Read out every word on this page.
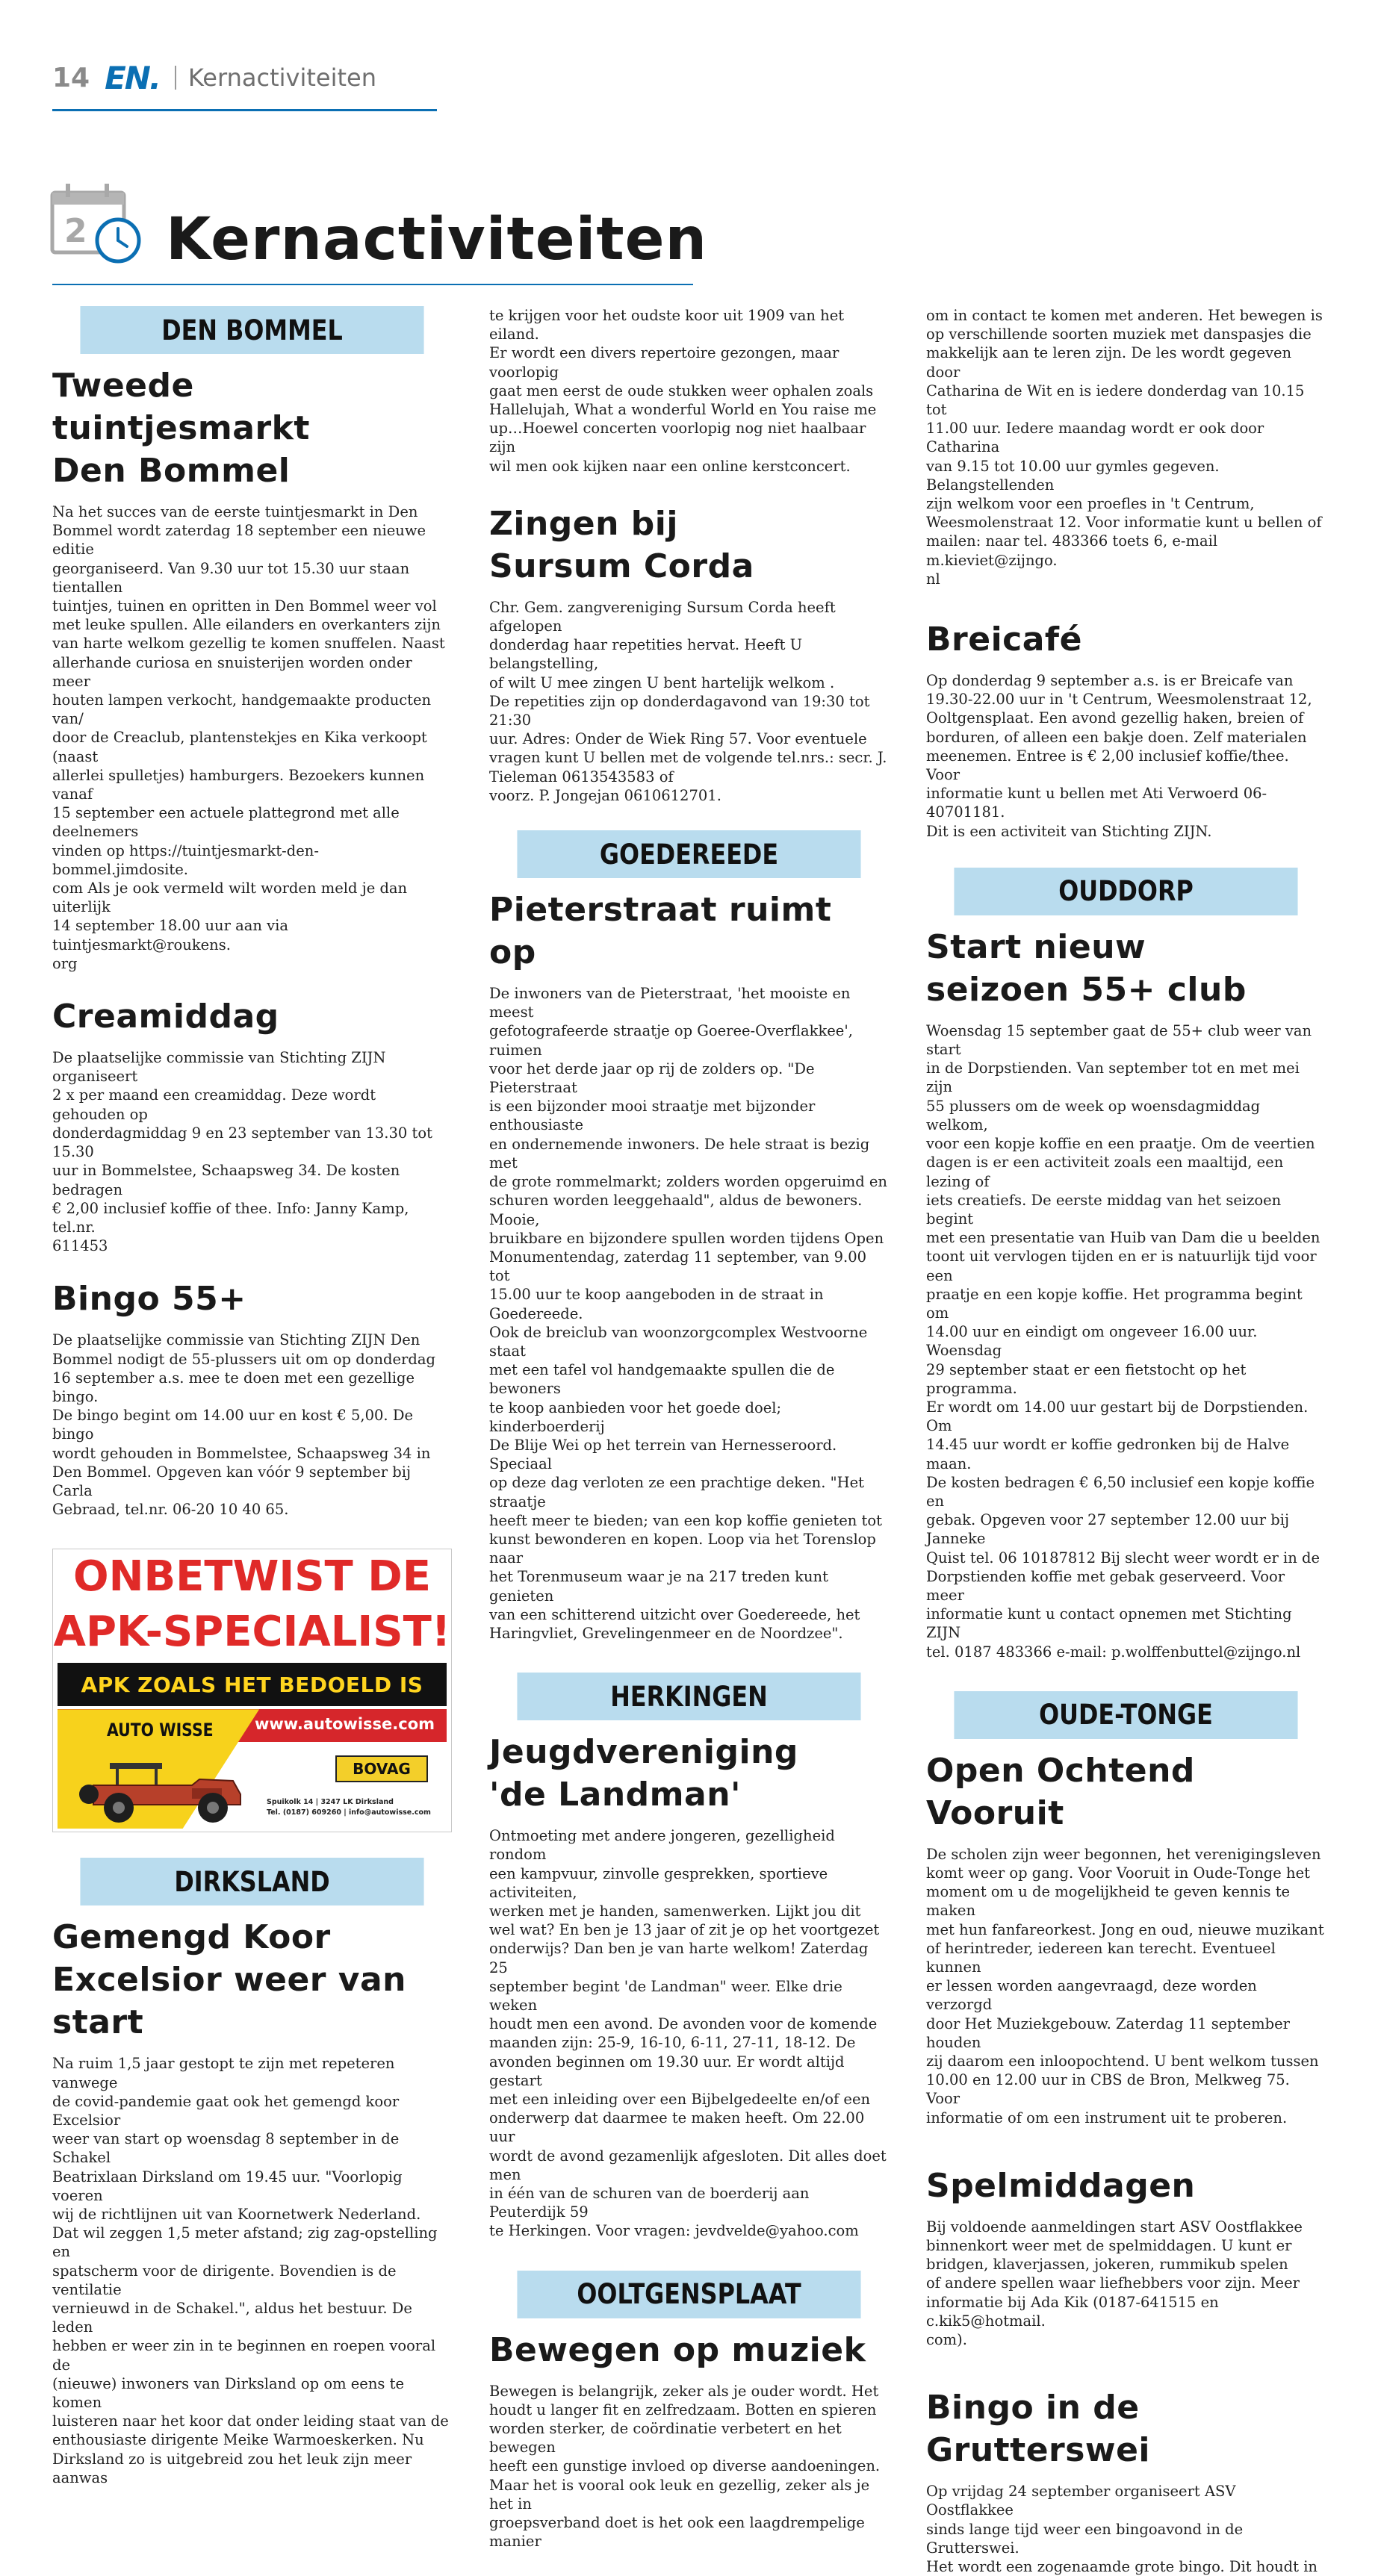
14 EN. Kernactiviteiten
2 Kernactiviteiten
DEN BOMMEL
Tweede tuintjesmarkt
Den Bommel

Na het succes van de eerste tuintjesmarkt in Den
Bommel wordt zaterdag 18 september een nieuwe editie
georganiseerd. Van 9.30 uur tot 15.30 uur staan tientallen
tuintjes, tuinen en opritten in Den Bommel weer vol
met leuke spullen. Alle eilanders en overkanters zijn
van harte welkom gezellig te komen snuffelen. Naast
allerhande curiosa en snuisterijen worden onder meer
houten lampen verkocht, handgemaakte producten van/
door de Creaclub, plantenstekjes en Kika verkoopt (naast
allerlei spulletjes) hamburgers. Bezoekers kunnen vanaf
15 september een actuele plattegrond met alle deelnemers
vinden op https://tuintjesmarkt-den-bommel.jimdosite.
com Als je ook vermeld wilt worden meld je dan uiterlijk
14 september 18.00 uur aan via tuintjesmarkt@roukens.
org

Creamiddag

De plaatselijke commissie van Stichting ZIJN organiseert
2 x per maand een creamiddag. Deze wordt gehouden op
donderdagmiddag 9 en 23 september van 13.30 tot 15.30
uur in Bommelstee, Schaapsweg 34. De kosten bedragen
€ 2,00 inclusief koffie of thee. Info: Janny Kamp, tel.nr.
611453

Bingo 55+

De plaatselijke commissie van Stichting ZIJN Den
Bommel nodigt de 55-plussers uit om op donderdag
16 september a.s. mee te doen met een gezellige bingo.
De bingo begint om 14.00 uur en kost € 5,00. De bingo
wordt gehouden in Bommelstee, Schaapsweg 34 in
Den Bommel. Opgeven kan vóór 9 september bij Carla
Gebraad, tel.nr. 06-20 10 40 65.

ONBETWIST DE
APK-SPECIALIST!
APK ZOALS HET BEDOELD IS
www.autowisse.com
AUTO WISSE
BOVAG
Spuikolk 14 | 3247 LK Dirksland
Tel. (0187) 609260 | info@autowisse.com
DIRKSLAND
Gemengd Koor
Excelsior weer van start

Na ruim 1,5 jaar gestopt te zijn met repeteren vanwege
de covid-pandemie gaat ook het gemengd koor Excelsior
weer van start op woensdag 8 september in de Schakel
Beatrixlaan Dirksland om 19.45 uur. "Voorlopig voeren
wij de richtlijnen uit van Koornetwerk Nederland.
Dat wil zeggen 1,5 meter afstand; zig zag-opstelling en
spatscherm voor de dirigente. Bovendien is de ventilatie
vernieuwd in de Schakel.", aldus het bestuur. De leden
hebben er weer zin in te beginnen en roepen vooral de
(nieuwe) inwoners van Dirksland op om eens te komen
luisteren naar het koor dat onder leiding staat van de
enthousiaste dirigente Meike Warmoeskerken. Nu
Dirksland zo is uitgebreid zou het leuk zijn meer aanwas

te krijgen voor het oudste koor uit 1909 van het eiland.
Er wordt een divers repertoire gezongen, maar voorlopig
gaat men eerst de oude stukken weer ophalen zoals
Hallelujah, What a wonderful World en You raise me
up…Hoewel concerten voorlopig nog niet haalbaar zijn
wil men ook kijken naar een online kerstconcert.

Zingen bij
Sursum Corda

Chr. Gem. zangvereniging Sursum Corda heeft afgelopen
donderdag haar repetities hervat. Heeft U belangstelling,
of wilt U mee zingen U bent hartelijk welkom .
De repetities zijn op donderdagavond van 19:30 tot 21:30
uur. Adres: Onder de Wiek Ring 57. Voor eventuele
vragen kunt U bellen met de volgende tel.nrs.: secr. J.
Tieleman 0613543583 of
voorz. P. Jongejan 0610612701.

GOEDEREEDE
Pieterstraat ruimt op

De inwoners van de Pieterstraat, 'het mooiste en meest
gefotografeerde straatje op Goeree-Overflakkee', ruimen
voor het derde jaar op rij de zolders op. "De Pieterstraat
is een bijzonder mooi straatje met bijzonder enthousiaste
en ondernemende inwoners. De hele straat is bezig met
de grote rommelmarkt; zolders worden opgeruimd en
schuren worden leeggehaald", aldus de bewoners. Mooie,
bruikbare en bijzondere spullen worden tijdens Open
Monumentendag, zaterdag 11 september, van 9.00 tot
15.00 uur te koop aangeboden in de straat in Goedereede.
Ook de breiclub van woonzorgcomplex Westvoorne staat
met een tafel vol handgemaakte spullen die de bewoners
te koop aanbieden voor het goede doel; kinderboerderij
De Blije Wei op het terrein van Hernesseroord. Speciaal
op deze dag verloten ze een prachtige deken. "Het straatje
heeft meer te bieden; van een kop koffie genieten tot
kunst bewonderen en kopen. Loop via het Torenslop naar
het Torenmuseum waar je na 217 treden kunt genieten
van een schitterend uitzicht over Goedereede, het
Haringvliet, Grevelingenmeer en de Noordzee".

HERKINGEN
Jeugdvereniging
'de Landman'

Ontmoeting met andere jongeren, gezelligheid rondom
een kampvuur, zinvolle gesprekken, sportieve activiteiten,
werken met je handen, samenwerken. Lijkt jou dit
wel wat? En ben je 13 jaar of zit je op het voortgezet
onderwijs? Dan ben je van harte welkom! Zaterdag 25
september begint 'de Landman" weer. Elke drie weken
houdt men een avond. De avonden voor de komende
maanden zijn: 25-9, 16-10, 6-11, 27-11, 18-12. De
avonden beginnen om 19.30 uur. Er wordt altijd gestart
met een inleiding over een Bijbelgedeelte en/of een
onderwerp dat daarmee te maken heeft. Om 22.00 uur
wordt de avond gezamenlijk afgesloten. Dit alles doet men
in één van de schuren van de boerderij aan Peuterdijk 59
te Herkingen. Voor vragen: jevdvelde@yahoo.com

OOLTGENSPLAAT
Bewegen op muziek

Bewegen is belangrijk, zeker als je ouder wordt. Het
houdt u langer fit en zelfredzaam. Botten en spieren
worden sterker, de coördinatie verbetert en het bewegen
heeft een gunstige invloed op diverse aandoeningen.
Maar het is vooral ook leuk en gezellig, zeker als je het in
groepsverband doet is het ook een laagdrempelige manier

om in contact te komen met anderen. Het bewegen is
op verschillende soorten muziek met danspasjes die
makkelijk aan te leren zijn. De les wordt gegeven door
Catharina de Wit en is iedere donderdag van 10.15 tot
11.00 uur. Iedere maandag wordt er ook door Catharina
van 9.15 tot 10.00 uur gymles gegeven. Belangstellenden
zijn welkom voor een proefles in 't Centrum,
Weesmolenstraat 12. Voor informatie kunt u bellen of
mailen: naar tel. 483366 toets 6, e-mail m.kieviet@zijngo.
nl

Breicafé

Op donderdag 9 september a.s. is er Breicafe van
19.30-22.00 uur in 't Centrum, Weesmolenstraat 12,
Ooltgensplaat. Een avond gezellig haken, breien of
borduren, of alleen een bakje doen. Zelf materialen
meenemen. Entree is € 2,00 inclusief koffie/thee. Voor
informatie kunt u bellen met Ati Verwoerd 06-40701181.
Dit is een activiteit van Stichting ZIJN.

OUDDORP
Start nieuw
seizoen 55+ club

Woensdag 15 september gaat de 55+ club weer van start
in de Dorpstienden. Van september tot en met mei zijn
55 plussers om de week op woensdagmiddag welkom,
voor een kopje koffie en een praatje. Om de veertien
dagen is er een activiteit zoals een maaltijd, een lezing of
iets creatiefs. De eerste middag van het seizoen begint
met een presentatie van Huib van Dam die u beelden
toont uit vervlogen tijden en er is natuurlijk tijd voor een
praatje en een kopje koffie. Het programma begint om
14.00 uur en eindigt om ongeveer 16.00 uur. Woensdag
29 september staat er een fietstocht op het programma.
Er wordt om 14.00 uur gestart bij de Dorpstienden. Om
14.45 uur wordt er koffie gedronken bij de Halve maan.
De kosten bedragen € 6,50 inclusief een kopje koffie en
gebak. Opgeven voor 27 september 12.00 uur bij Janneke
Quist tel. 06 10187812 Bij slecht weer wordt er in de
Dorpstienden koffie met gebak geserveerd. Voor meer
informatie kunt u contact opnemen met Stichting ZIJN
tel. 0187 483366 e-mail: p.wolffenbuttel@zijngo.nl

OUDE-TONGE
Open Ochtend Vooruit

De scholen zijn weer begonnen, het verenigingsleven
komt weer op gang. Voor Vooruit in Oude-Tonge het
moment om u de mogelijkheid te geven kennis te maken
met hun fanfareorkest. Jong en oud, nieuwe muzikant
of herintreder, iedereen kan terecht. Eventueel kunnen
er lessen worden aangevraagd, deze worden verzorgd
door Het Muziekgebouw. Zaterdag 11 september houden
zij daarom een inloopochtend. U bent welkom tussen
10.00 en 12.00 uur in CBS de Bron, Melkweg 75. Voor
informatie of om een instrument uit te proberen.

Spelmiddagen

Bij voldoende aanmeldingen start ASV Oostflakkee
binnenkort weer met de spelmiddagen. U kunt er
bridgen, klaverjassen, jokeren, rummikub spelen
of andere spellen waar liefhebbers voor zijn. Meer
informatie bij Ada Kik (0187-641515 en c.kik5@hotmail.
com).

Bingo in de Grutterswei

Op vrijdag 24 september organiseert ASV Oostflakkee
sinds lange tijd weer een bingoavond in de Grutterswei.
Het wordt een zogenaamde grote bingo. Dit houdt in
